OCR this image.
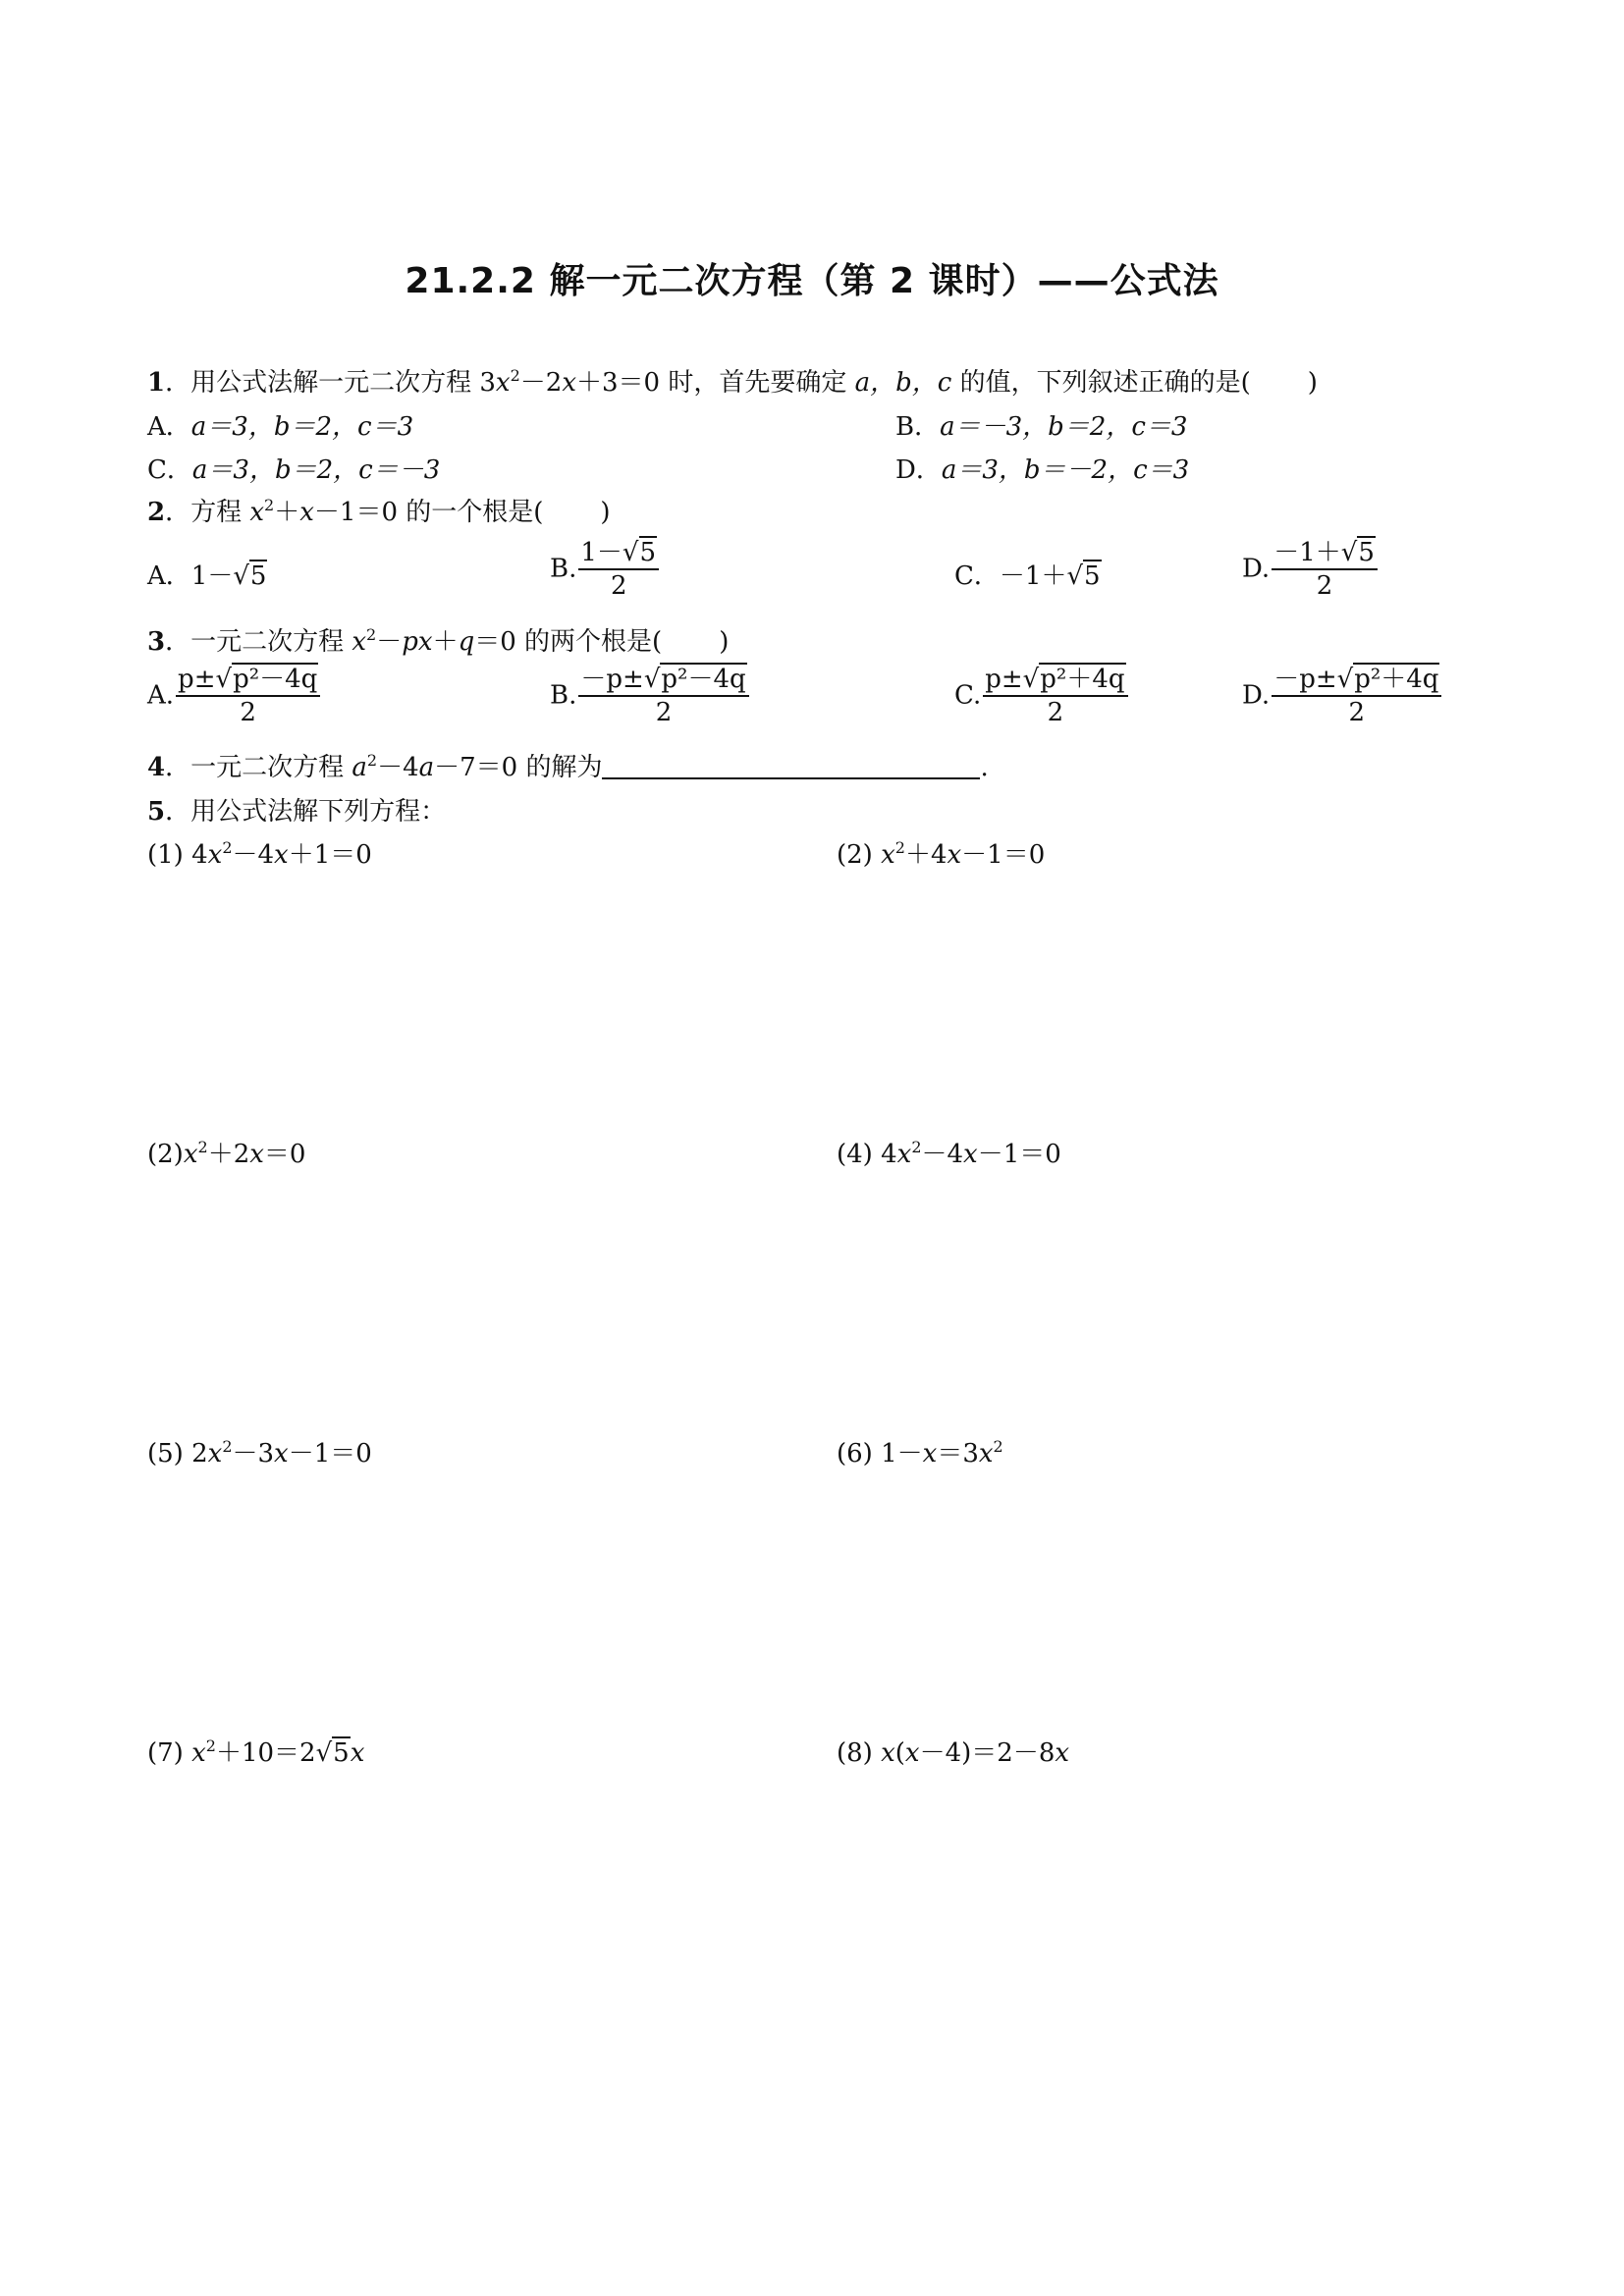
21.2.2 解一元二次方程（第 2 课时）——公式法
1．用公式法解一元二次方程 $3x^2-2x+3=0$ 时，首先要确定 a，b，c 的值，下列叙述正确的是( )
A．a＝3，b＝2，c＝3	B．a＝－3，b＝2，c＝3
C．a＝3，b＝2，c＝－3	D．a＝3，b＝－2，c＝3
2．方程 $x^2+x-1=0$ 的一个根是( )
A．1－√5	B. $\frac{1-√5}{2}$	C．－1＋√5	D. $\frac{-1+√5}{2}$
3．一元二次方程 $x^2-px+q=0$ 的两个根是( )
A. $\frac{\text{p±√p²－4q}}{2}$	B. $\frac{\text{－p±√p²－4q}}{2}$	C. $\frac{\text{p±√p²＋4q}}{2}$	D. $\frac{\text{－p±√p²＋4q}}{2}$
4．一元二次方程 $a^2-4a-7=0$ 的解为	.
5．用公式法解下列方程：
(1) $4x^2-4x+1=0$	(2) $x^2+4x-1=0$
$(2)x^2+2x=0$	(4) $4x^2-4x-1=0$
(5) $2x^2-3x-1=0$	(6) $1-x=3x^2$
(7) $x^2+10=2√5x$	(8) x(x－4)＝2－8x
